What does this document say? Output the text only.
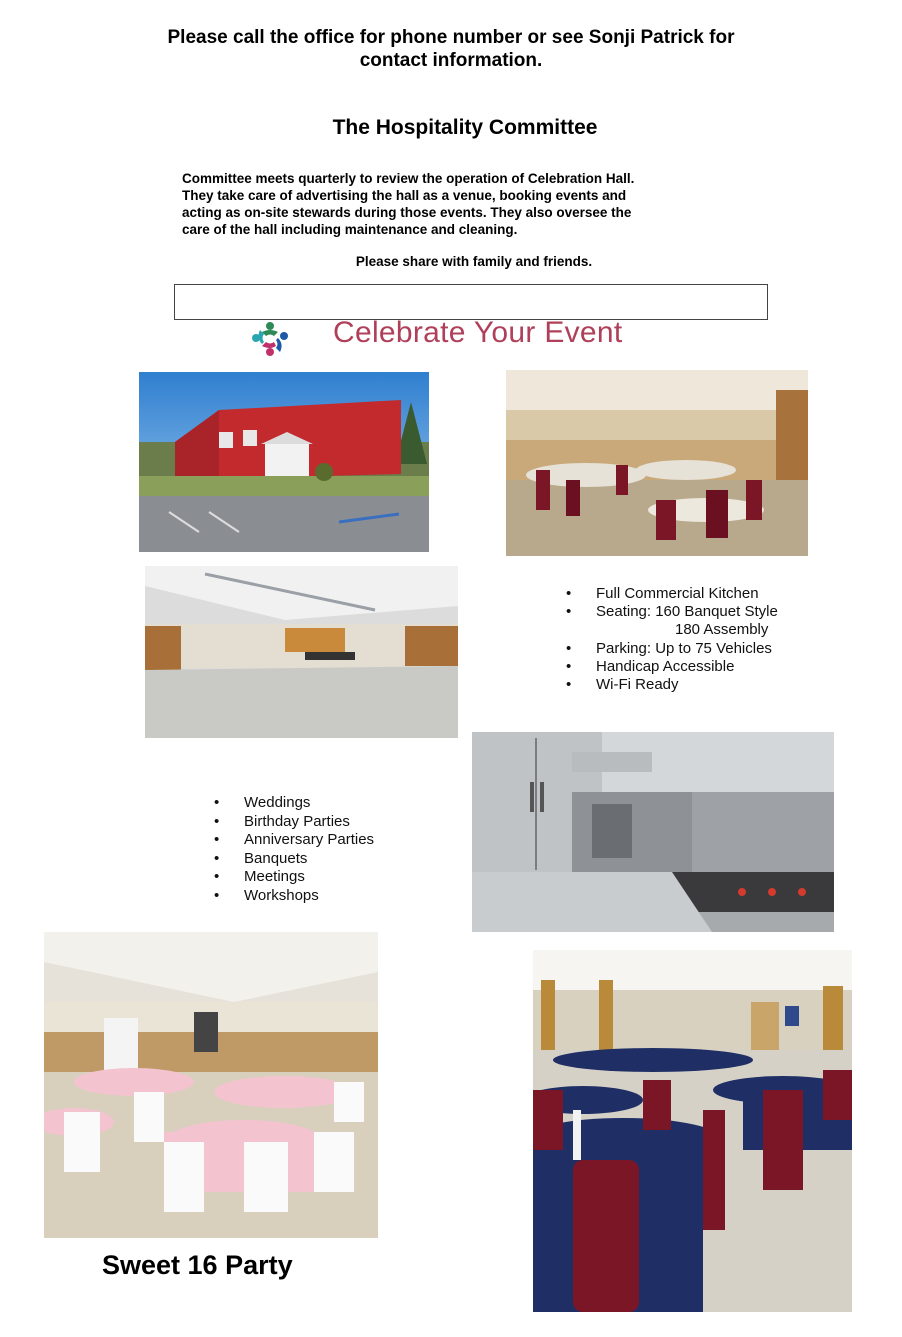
Please call the office for phone number or see Sonji Patrick for
contact information.
The Hospitality Committee
Committee meets quarterly to review the operation of Celebration Hall.
They take care of advertising the hall as a venue, booking events and
acting as on-site stewards during those events. They also oversee the
care of the hall including maintenance and cleaning.
Please share with family and friends.
Celebrate Your Event
• Full Commercial Kitchen
• Seating: 160 Banquet Style
180 Assembly
• Parking: Up to 75 Vehicles
• Handicap Accessible
• Wi-Fi Ready
• Weddings
• Birthday Parties
• Anniversary Parties
• Banquets
• Meetings
• Workshops
Sweet 16 Party
